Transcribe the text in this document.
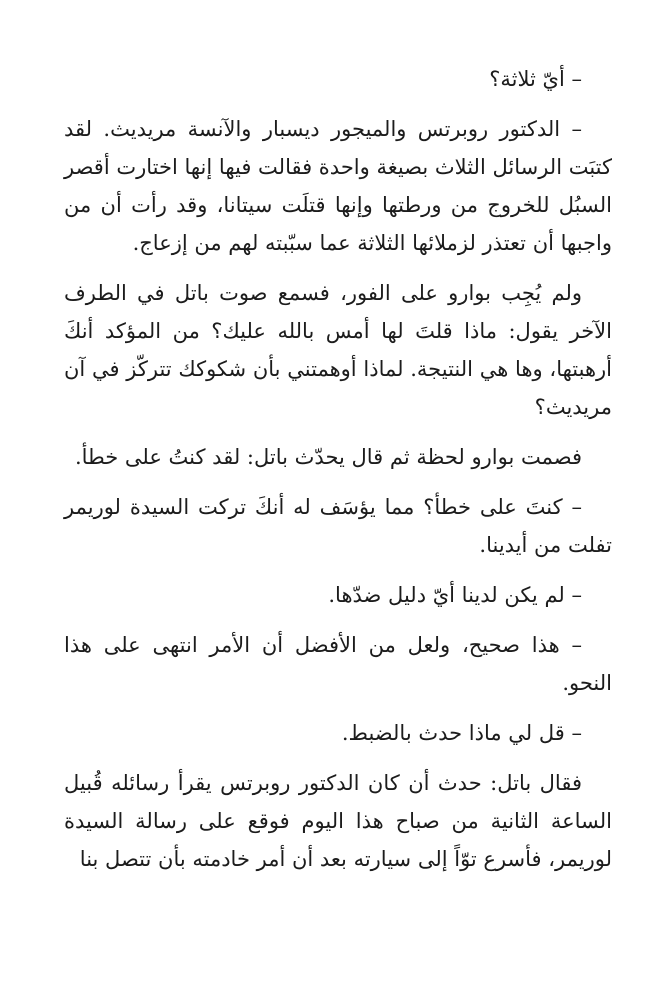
– أيّ ثلاثة؟

– الدكتور روبرتس والميجور ديسبار والآنسة مريديث. لقد كتبَت الرسائل الثلاث بصيغة واحدة فقالت فيها إنها اختارت أقصر السبُل للخروج من ورطتها وإنها قتلَت سيتانا، وقد رأت أن من واجبها أن تعتذر لزملائها الثلاثة عما سبّبته لهم من إزعاج.

ولم يُجِب بوارو على الفور، فسمع صوت باتل في الطرف الآخر يقول: ماذا قلتَ لها أمس بالله عليك؟ من المؤكد أنكَ أرهبتها، وها هي النتيجة. لماذا أوهمتني بأن شكوكك تتركّز في آن مريديث؟

فصمت بوارو لحظة ثم قال يحدّث باتل: لقد كنتُ على خطأ.

– كنتَ على خطأ؟ مما يؤسَف له أنكَ تركت السيدة لوريمر تفلت من أيدينا.

– لم يكن لدينا أيّ دليل ضدّها.

– هذا صحيح، ولعل من الأفضل أن الأمر انتهى على هذا النحو.

– قل لي ماذا حدث بالضبط.

فقال باتل: حدث أن كان الدكتور روبرتس يقرأ رسائله قُبيل الساعة الثانية من صباح هذا اليوم فوقع على رسالة السيدة لوريمر، فأسرع توّاً إلى سيارته بعد أن أمر خادمته بأن تتصل بنا
